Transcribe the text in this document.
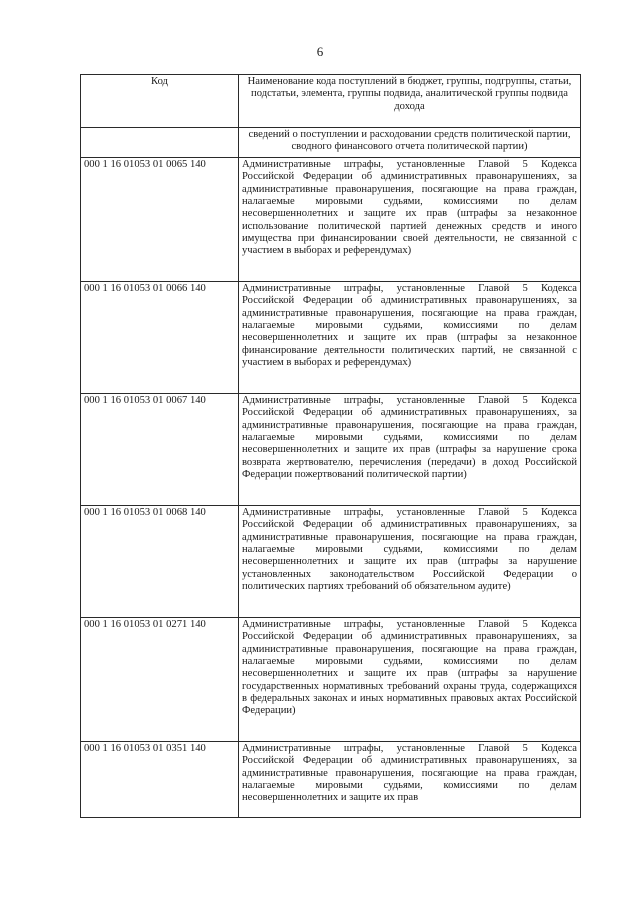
6
Код	Наименование кода поступлений в бюджет, группы, подгруппы, статьи, подстатьи, элемента, группы подвида, аналитической группы подвида дохода
	сведений о поступлении и расходовании средств политической партии, сводного финансового отчета политической партии)
000 1 16 01053 01 0065 140	Административные штрафы, установленные Главой 5 Кодекса Российской Федерации об административных правонарушениях, за административные правонарушения, посягающие на права граждан, налагаемые мировыми судьями, комиссиями по делам несовершеннолетних и защите их прав (штрафы за незаконное использование политической партией денежных средств и иного имущества при финансировании своей деятельности, не связанной с участием в выборах и референдумах)
000 1 16 01053 01 0066 140	Административные штрафы, установленные Главой 5 Кодекса Российской Федерации об административных правонарушениях, за административные правонарушения, посягающие на права граждан, налагаемые мировыми судьями, комиссиями по делам несовершеннолетних и защите их прав (штрафы за незаконное финансирование деятельности политических партий, не связанной с участием в выборах и референдумах)
000 1 16 01053 01 0067 140	Административные штрафы, установленные Главой 5 Кодекса Российской Федерации об административных правонарушениях, за административные правонарушения, посягающие на права граждан, налагаемые мировыми судьями, комиссиями по делам несовершеннолетних и защите их прав (штрафы за нарушение срока возврата жертвователю, перечисления (передачи) в доход Российской Федерации пожертвований политической партии)
000 1 16 01053 01 0068 140	Административные штрафы, установленные Главой 5 Кодекса Российской Федерации об административных правонарушениях, за административные правонарушения, посягающие на права граждан, налагаемые мировыми судьями, комиссиями по делам несовершеннолетних и защите их прав (штрафы за нарушение установленных законодательством Российской Федерации о политических партиях требований об обязательном аудите)
000 1 16 01053 01 0271 140	Административные штрафы, установленные Главой 5 Кодекса Российской Федерации об административных правонарушениях, за административные правонарушения, посягающие на права граждан, налагаемые мировыми судьями, комиссиями по делам несовершеннолетних и защите их прав (штрафы за нарушение государственных нормативных требований охраны труда, содержащихся в федеральных законах и иных нормативных правовых актах Российской Федерации)
000 1 16 01053 01 0351 140	Административные штрафы, установленные Главой 5 Кодекса Российской Федерации об административных правонарушениях, за административные правонарушения, посягающие на права граждан, налагаемые мировыми судьями, комиссиями по делам несовершеннолетних и защите их прав
